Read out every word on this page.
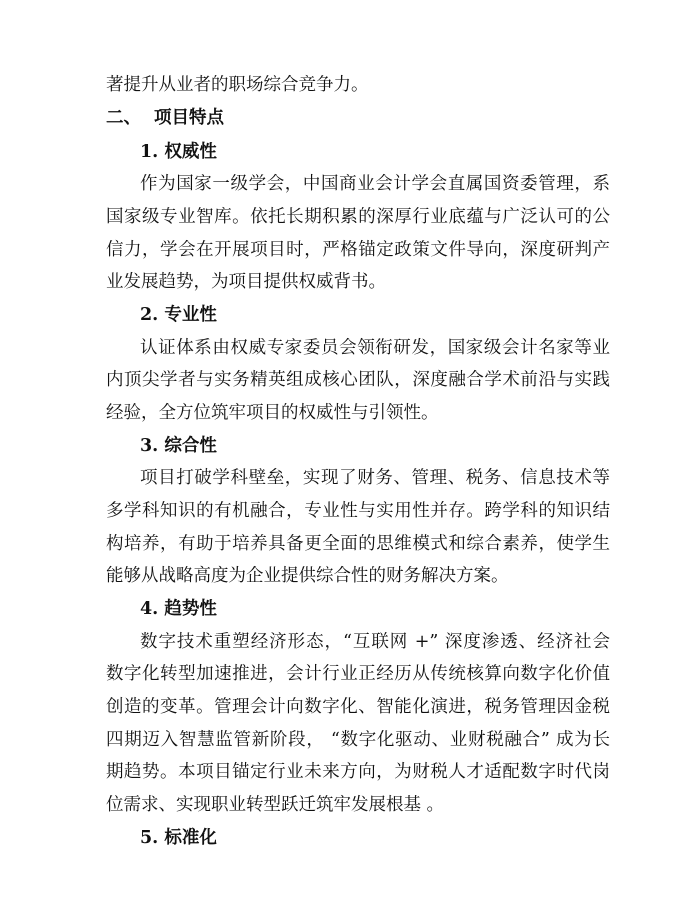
著提升从业者的职场综合竞争力。
二、 项目特点
1. 权威性
作为国家一级学会，中国商业会计学会直属国资委管理，系
国家级专业智库。依托长期积累的深厚行业底蕴与广泛认可的公
信力，学会在开展项目时，严格锚定政策文件导向，深度研判产
业发展趋势，为项目提供权威背书。
2. 专业性
认证体系由权威专家委员会领衔研发，国家级会计名家等业
内顶尖学者与实务精英组成核心团队，深度融合学术前沿与实践
经验，全方位筑牢项目的权威性与引领性。
3. 综合性
项目打破学科壁垒，实现了财务、管理、税务、信息技术等
多学科知识的有机融合，专业性与实用性并存。跨学科的知识结
构培养，有助于培养具备更全面的思维模式和综合素养，使学生
能够从战略高度为企业提供综合性的财务解决方案。
4. 趋势性
数字技术重塑经济形态，“互联网 +” 深度渗透、经济社会
数字化转型加速推进，会计行业正经历从传统核算向数字化价值
创造的变革。管理会计向数字化、智能化演进，税务管理因金税
四期迈入智慧监管新阶段， “数字化驱动、业财税融合” 成为长
期趋势。本项目锚定行业未来方向，为财税人才适配数字时代岗
位需求、实现职业转型跃迁筑牢发展根基 。
5. 标准化
